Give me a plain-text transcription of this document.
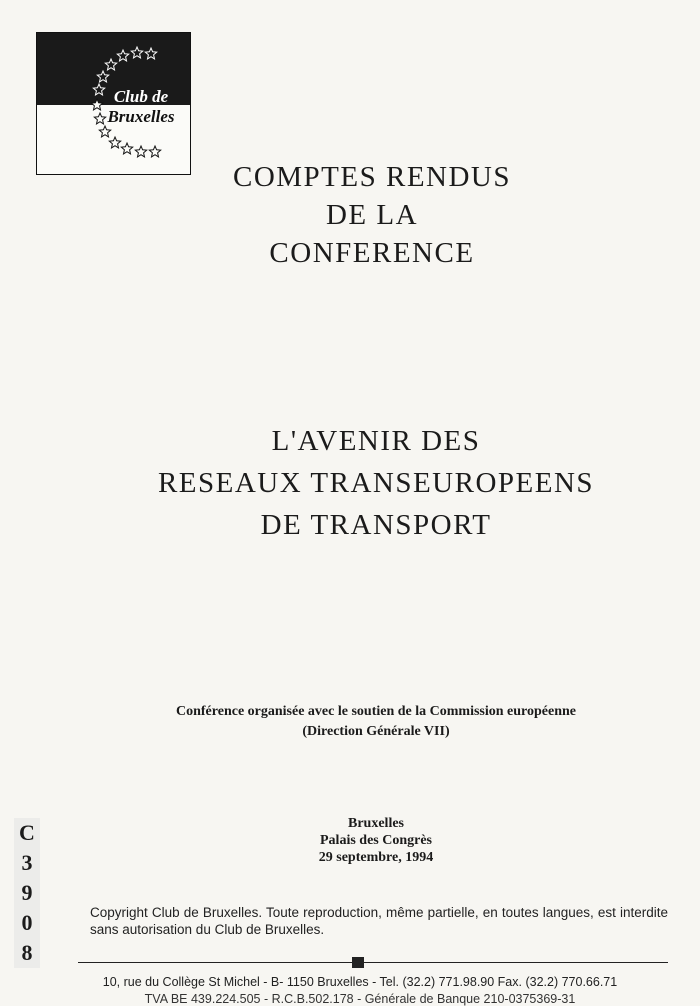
Club de
Bruxelles
COMPTES RENDUS
DE LA
CONFERENCE
L'AVENIR DES
RESEAUX TRANSEUROPEENS
DE TRANSPORT
Conférence organisée avec le soutien de la Commission européenne
(Direction Générale VII)
Bruxelles
Palais des Congrès
29 septembre, 1994
C
3
9
0
8
Copyright Club de Bruxelles. Toute reproduction, même partielle, en toutes langues, est interdite sans autorisation du Club de Bruxelles.
10, rue du Collège St Michel - B- 1150 Bruxelles - Tel. (32.2) 771.98.90 Fax. (32.2) 770.66.71
TVA BE 439.224.505 - R.C.B.502.178 - Générale de Banque 210-0375369-31
